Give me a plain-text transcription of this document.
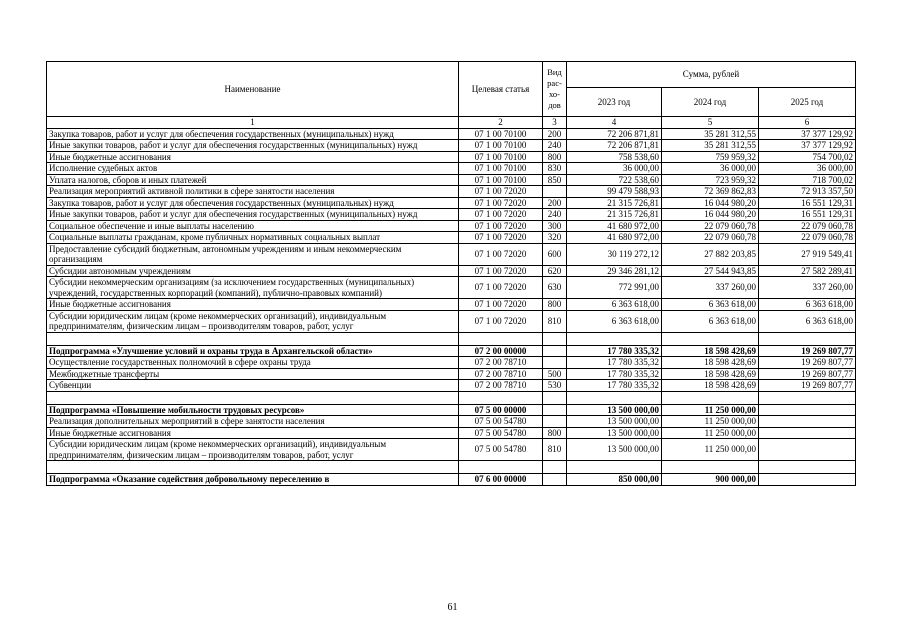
Наименование	Целевая статья	Вид рас-хо-дов	Сумма, рублей		
			2023 год	2024 год	2025 год
1	2	3	4	5	6
Закупка товаров, работ и услуг для обеспечения государственных (муниципальных) нужд	07 1 00 70100	200	72 206 871,81	35 281 312,55	37 377 129,92
Иные закупки товаров, работ и услуг для обеспечения государственных (муниципальных) нужд	07 1 00 70100	240	72 206 871,81	35 281 312,55	37 377 129,92
Иные бюджетные ассигнования	07 1 00 70100	800	758 538,60	759 959,32	754 700,02
Исполнение судебных актов	07 1 00 70100	830	36 000,00	36 000,00	36 000,00
Уплата налогов, сборов и иных платежей	07 1 00 70100	850	722 538,60	723 959,32	718 700,02
Реализация мероприятий активной политики в сфере занятости населения	07 1 00 72020		99 479 588,93	72 369 862,83	72 913 357,50
Закупка товаров, работ и услуг для обеспечения государственных (муниципальных) нужд	07 1 00 72020	200	21 315 726,81	16 044 980,20	16 551 129,31
Иные закупки товаров, работ и услуг для обеспечения государственных (муниципальных) нужд	07 1 00 72020	240	21 315 726,81	16 044 980,20	16 551 129,31
Социальное обеспечение и иные выплаты населению	07 1 00 72020	300	41 680 972,00	22 079 060,78	22 079 060,78
Социальные выплаты гражданам, кроме публичных нормативных социальных выплат	07 1 00 72020	320	41 680 972,00	22 079 060,78	22 079 060,78
Предоставление субсидий бюджетным, автономным учреждениям и иным некоммерческим организациям	07 1 00 72020	600	30 119 272,12	27 882 203,85	27 919 549,41
Субсидии автономным учреждениям	07 1 00 72020	620	29 346 281,12	27 544 943,85	27 582 289,41
Субсидии некоммерческим организациям (за исключением государственных (муниципальных) учреждений, государственных корпораций (компаний), публично-правовых компаний)	07 1 00 72020	630	772 991,00	337 260,00	337 260,00
Иные бюджетные ассигнования	07 1 00 72020	800	6 363 618,00	6 363 618,00	6 363 618,00
Субсидии юридическим лицам (кроме некоммерческих организаций), индивидуальным предпринимателям, физическим лицам – производителям товаров, работ, услуг	07 1 00 72020	810	6 363 618,00	6 363 618,00	6 363 618,00

Подпрограмма «Улучшение условий и охраны труда в Архангельской области»	07 2 00 00000		17 780 335,32	18 598 428,69	19 269 807,77
Осуществление государственных полномочий в сфере охраны труда	07 2 00 78710		17 780 335,32	18 598 428,69	19 269 807,77
Межбюджетные трансферты	07 2 00 78710	500	17 780 335,32	18 598 428,69	19 269 807,77
Субвенции	07 2 00 78710	530	17 780 335,32	18 598 428,69	19 269 807,77

Подпрограмма «Повышение мобильности трудовых ресурсов»	07 5 00 00000		13 500 000,00	11 250 000,00	
Реализация дополнительных мероприятий в сфере занятости населения	07 5 00 54780		13 500 000,00	11 250 000,00	
Иные бюджетные ассигнования	07 5 00 54780	800	13 500 000,00	11 250 000,00	
Субсидии юридическим лицам (кроме некоммерческих организаций), индивидуальным предпринимателям, физическим лицам – производителям товаров, работ, услуг	07 5 00 54780	810	13 500 000,00	11 250 000,00	

Подпрограмма «Оказание содействия добровольному переселению в	07 6 00 00000		850 000,00	900 000,00	
61
